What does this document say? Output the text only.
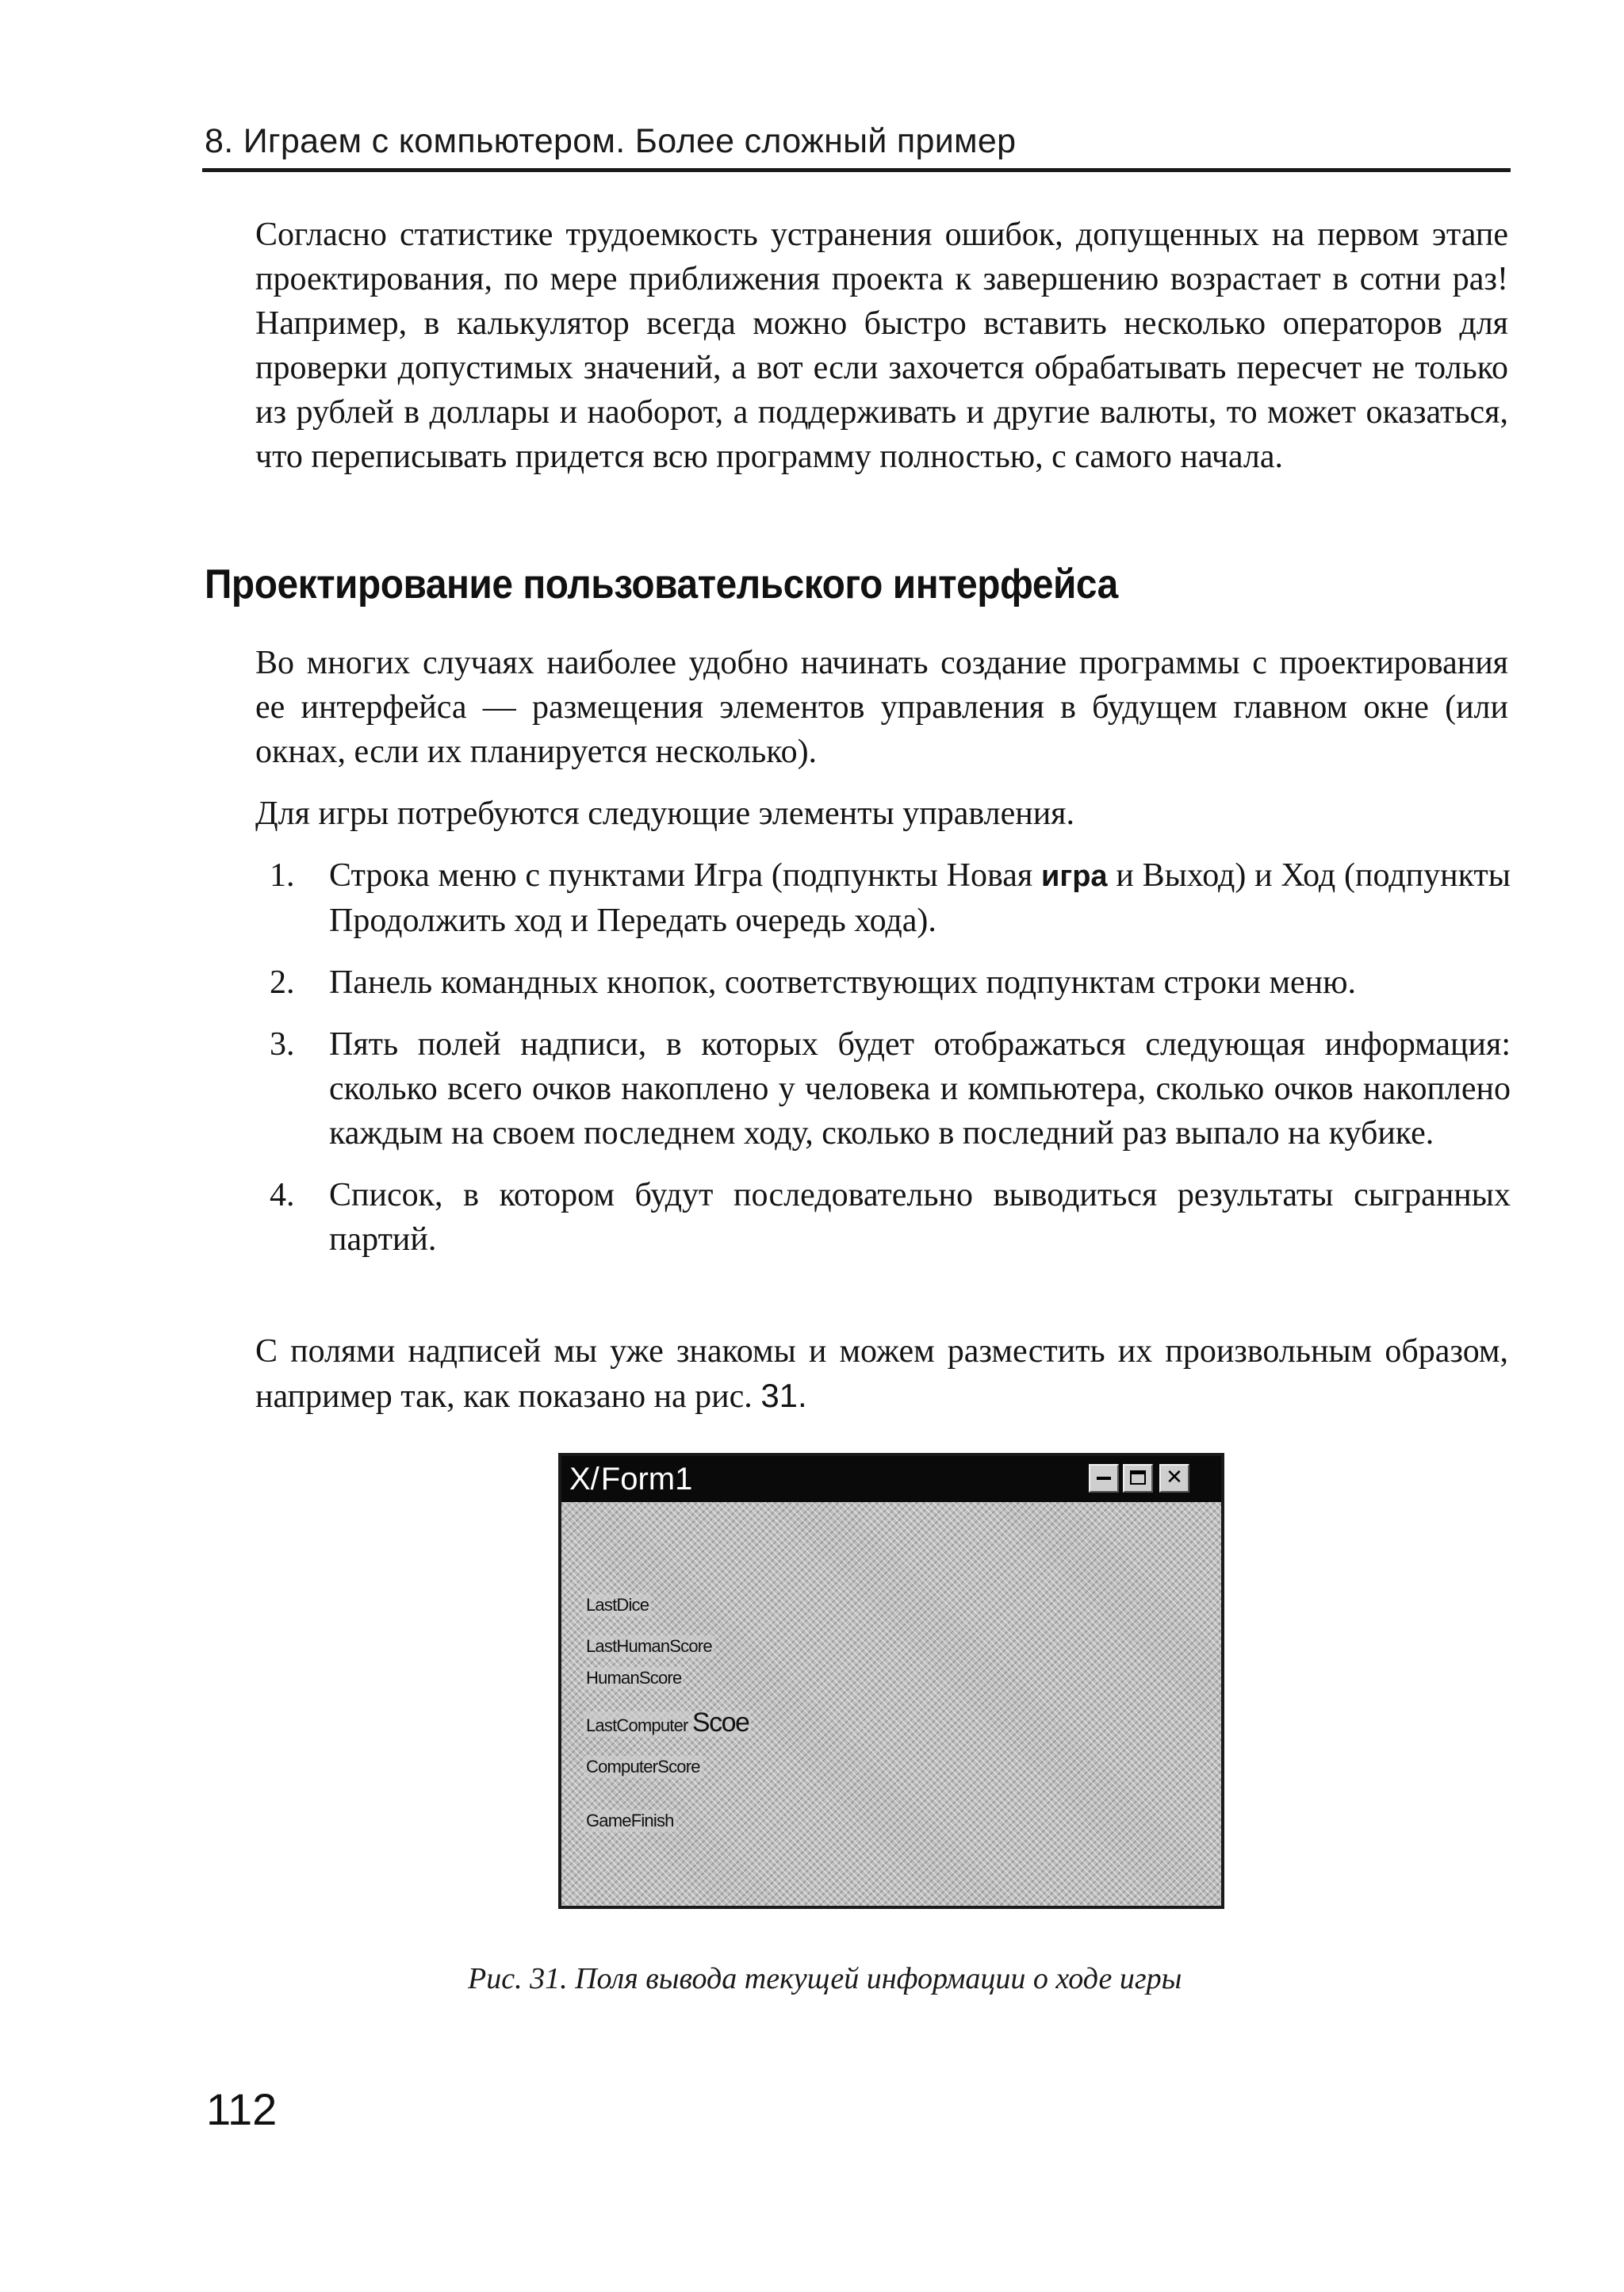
8. Играем с компьютером. Более сложный пример
Согласно статистике трудоемкость устранения ошибок, допущенных на первом этапе проектирования, по мере приближения проекта к завершению возрастает в сотни раз! Например, в калькулятор всегда можно быстро вставить несколько операторов для проверки допустимых значений, а вот если захочется обрабатывать пересчет не только из рублей в доллары и наоборот, а поддерживать и другие валюты, то может оказаться, что переписывать придется всю программу полностью, с самого начала.
Проектирование пользовательского интерфейса
Во многих случаях наиболее удобно начинать создание программы с проектирования ее интерфейса — размещения элементов управления в будущем главном окне (или окнах, если их планируется несколько).
Для игры потребуются следующие элементы управления.
1. Строка меню с пунктами Игра (подпункты Новая игра и Выход) и Ход (подпункты Продолжить ход и Передать очередь хода).
2. Панель командных кнопок, соответствующих подпунктам строки меню.
3. Пять полей надписи, в которых будет отображаться следующая информация: сколько всего очков накоплено у человека и компьютера, сколько очков накоплено каждым на своем последнем ходу, сколько в последний раз выпало на кубике.
4. Список, в котором будут последовательно выводиться результаты сыгранных партий.
С полями надписей мы уже знакомы и можем разместить их произвольным образом, например так, как показано на рис. 31.
X/Form1	✕
LastDice
LastHumanScore
HumanScore
LastComputer Scoe
ComputerScore
GameFinish
Рис. 31. Поля вывода текущей информации о ходе игры
112
